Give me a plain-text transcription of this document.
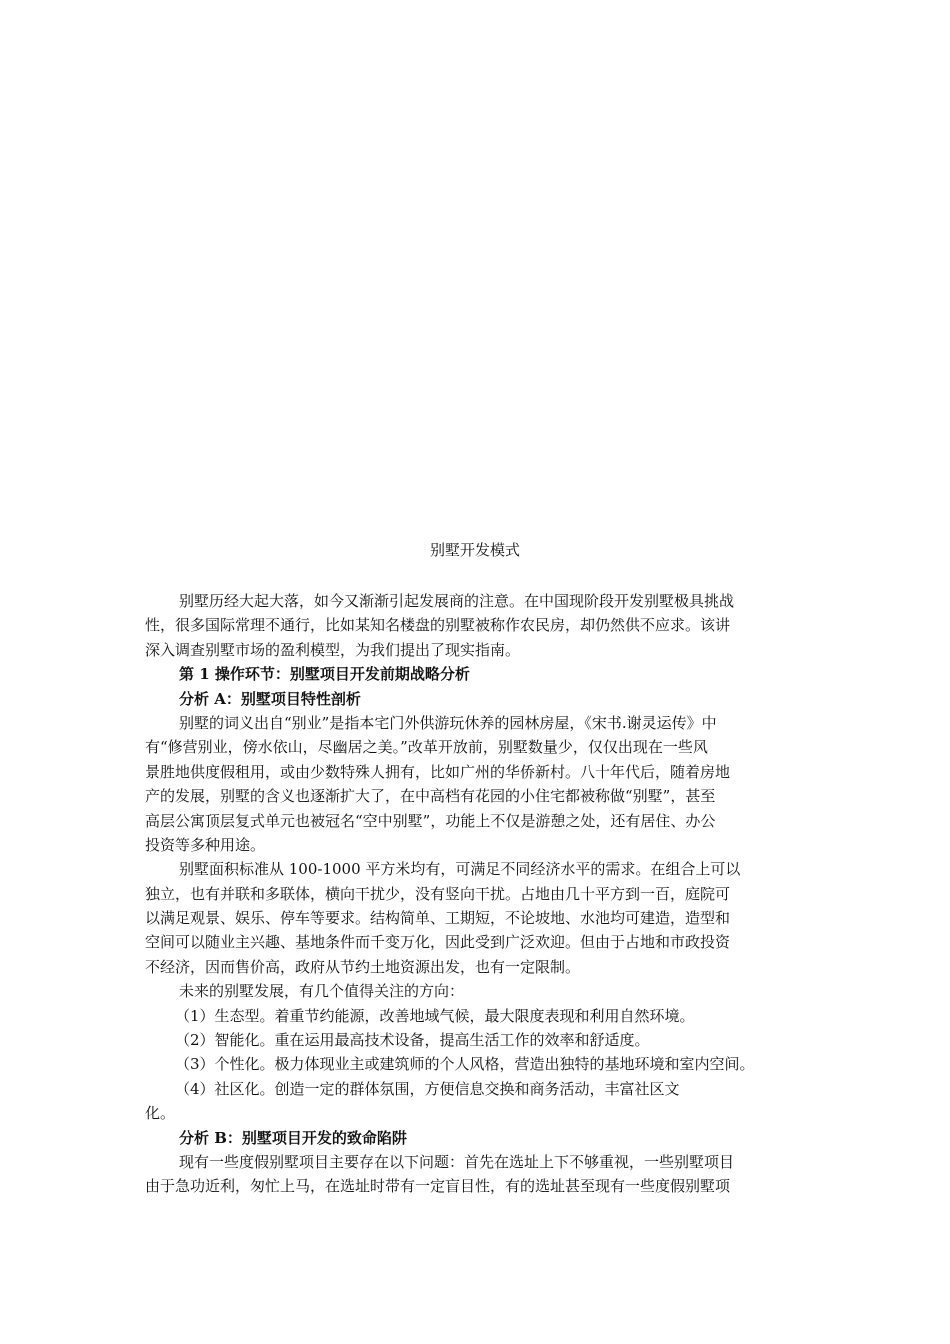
别墅开发模式
别墅历经大起大落，如今又渐渐引起发展商的注意。在中国现阶段开发别墅极具挑战
性，很多国际常理不通行，比如某知名楼盘的别墅被称作农民房，却仍然供不应求。该讲
深入调查别墅市场的盈利模型，为我们提出了现实指南。
第 1 操作环节：别墅项目开发前期战略分析
分析 A：别墅项目特性剖析
别墅的词义出自“别业”是指本宅门外供游玩休养的园林房屋，《宋书.谢灵运传》中
有“修营别业，傍水依山，尽幽居之美。”改革开放前，别墅数量少，仅仅出现在一些风
景胜地供度假租用，或由少数特殊人拥有，比如广州的华侨新村。八十年代后，随着房地
产的发展，别墅的含义也逐渐扩大了，在中高档有花园的小住宅都被称做“别墅”，甚至
高层公寓顶层复式单元也被冠名“空中别墅”，功能上不仅是游憩之处，还有居住、办公
投资等多种用途。
别墅面积标准从 100-1000 平方米均有，可满足不同经济水平的需求。在组合上可以
独立，也有并联和多联体，横向干扰少，没有竖向干扰。占地由几十平方到一百，庭院可
以满足观景、娱乐、停车等要求。结构简单、工期短，不论坡地、水池均可建造，造型和
空间可以随业主兴趣、基地条件而千变万化，因此受到广泛欢迎。但由于占地和市政投资
不经济，因而售价高，政府从节约土地资源出发，也有一定限制。
未来的别墅发展，有几个值得关注的方向：
（1）生态型。着重节约能源，改善地域气候，最大限度表现和利用自然环境。
（2）智能化。重在运用最高技术设备，提高生活工作的效率和舒适度。
（3）个性化。极力体现业主或建筑师的个人风格，营造出独特的基地环境和室内空间。
（4）社区化。创造一定的群体氛围，方便信息交换和商务活动，丰富社区文
化。
分析 B：别墅项目开发的致命陷阱
现有一些度假别墅项目主要存在以下问题：首先在选址上下不够重视，一些别墅项目
由于急功近利，匆忙上马，在选址时带有一定盲目性，有的选址甚至现有一些度假别墅项
